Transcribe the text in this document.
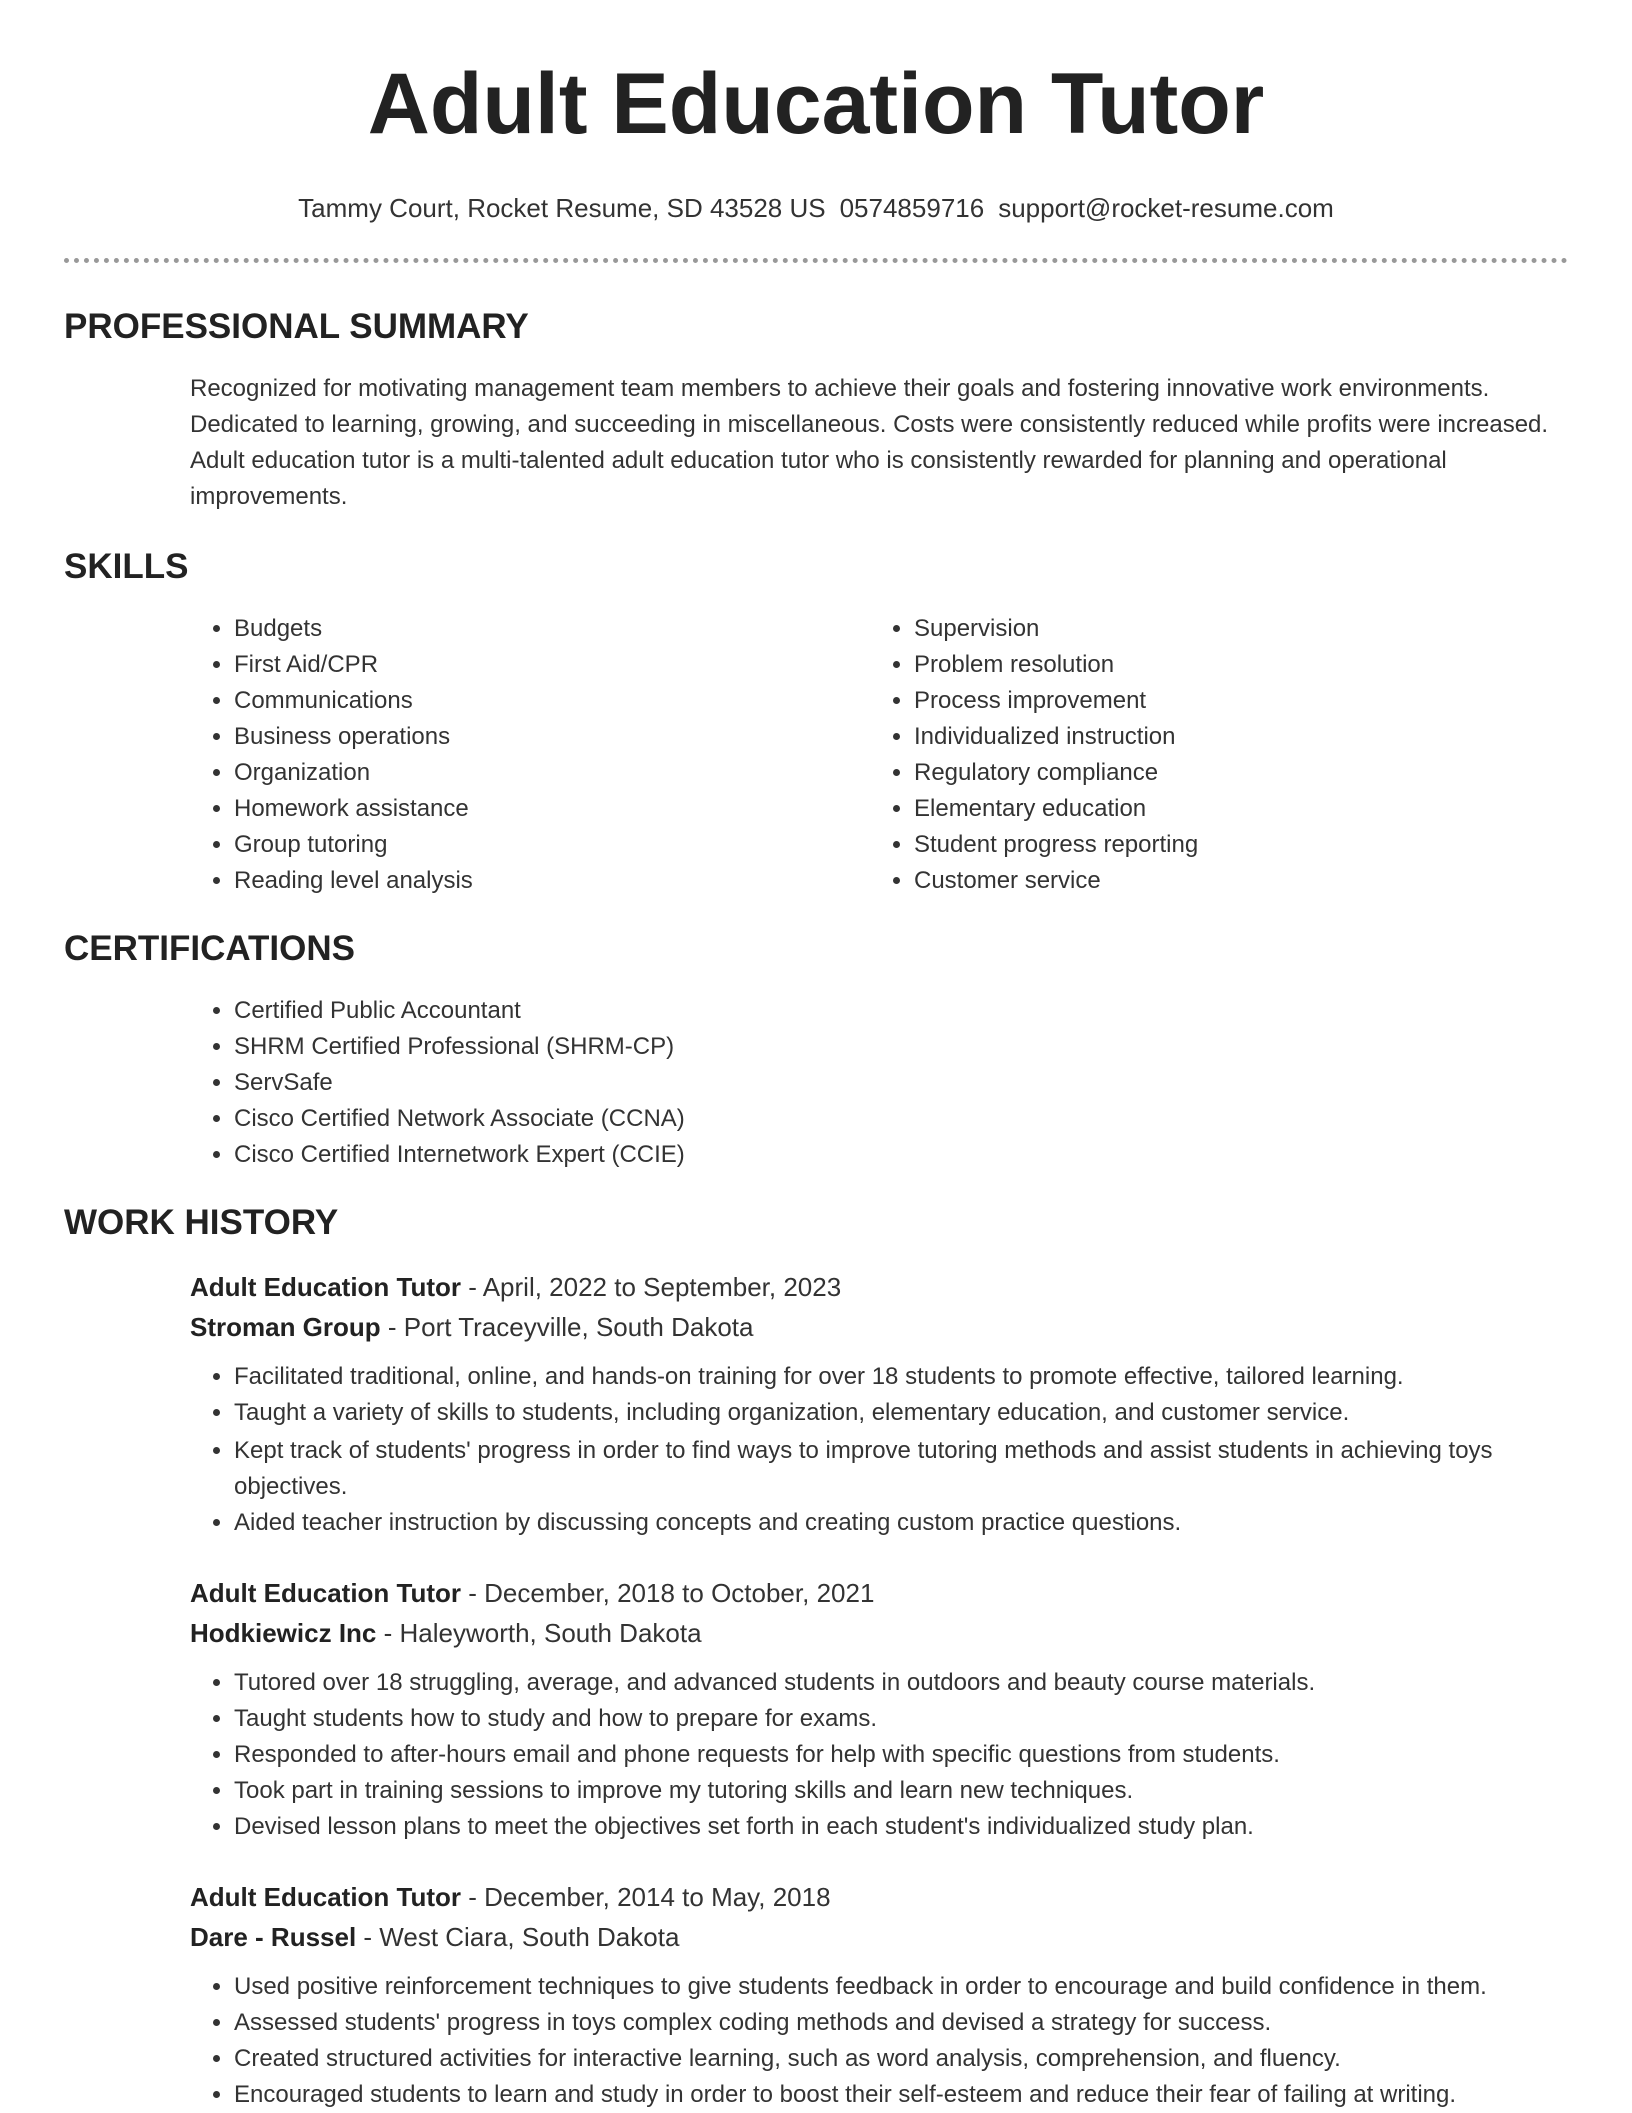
Adult Education Tutor
Tammy Court, Rocket Resume, SD 43528 US 0574859716 support@rocket-resume.com
PROFESSIONAL SUMMARY

Recognized for motivating management team members to achieve their goals and fostering innovative work environments. Dedicated to learning, growing, and succeeding in miscellaneous. Costs were consistently reduced while profits were increased. Adult education tutor is a multi-talented adult education tutor who is consistently rewarded for planning and operational improvements.

SKILLS
• Budgets
• First Aid/CPR
• Communications
• Business operations
• Organization
• Homework assistance
• Group tutoring
• Reading level analysis
• Supervision
• Problem resolution
• Process improvement
• Individualized instruction
• Regulatory compliance
• Elementary education
• Student progress reporting
• Customer service
CERTIFICATIONS
• Certified Public Accountant
• SHRM Certified Professional (SHRM-CP)
• ServSafe
• Cisco Certified Network Associate (CCNA)
• Cisco Certified Internetwork Expert (CCIE)
WORK HISTORY
Adult Education Tutor - April, 2022 to September, 2023
Stroman Group - Port Traceyville, South Dakota
• Facilitated traditional, online, and hands-on training for over 18 students to promote effective, tailored learning.
• Taught a variety of skills to students, including organization, elementary education, and customer service.
• Kept track of students' progress in order to find ways to improve tutoring methods and assist students in achieving toys objectives.
• Aided teacher instruction by discussing concepts and creating custom practice questions.
Adult Education Tutor - December, 2018 to October, 2021
Hodkiewicz Inc - Haleyworth, South Dakota
• Tutored over 18 struggling, average, and advanced students in outdoors and beauty course materials.
• Taught students how to study and how to prepare for exams.
• Responded to after-hours email and phone requests for help with specific questions from students.
• Took part in training sessions to improve my tutoring skills and learn new techniques.
• Devised lesson plans to meet the objectives set forth in each student's individualized study plan.
Adult Education Tutor - December, 2014 to May, 2018
Dare - Russel - West Ciara, South Dakota
• Used positive reinforcement techniques to give students feedback in order to encourage and build confidence in them.
• Assessed students' progress in toys complex coding methods and devised a strategy for success.
• Created structured activities for interactive learning, such as word analysis, comprehension, and fluency.
• Encouraged students to learn and study in order to boost their self-esteem and reduce their fear of failing at writing.
